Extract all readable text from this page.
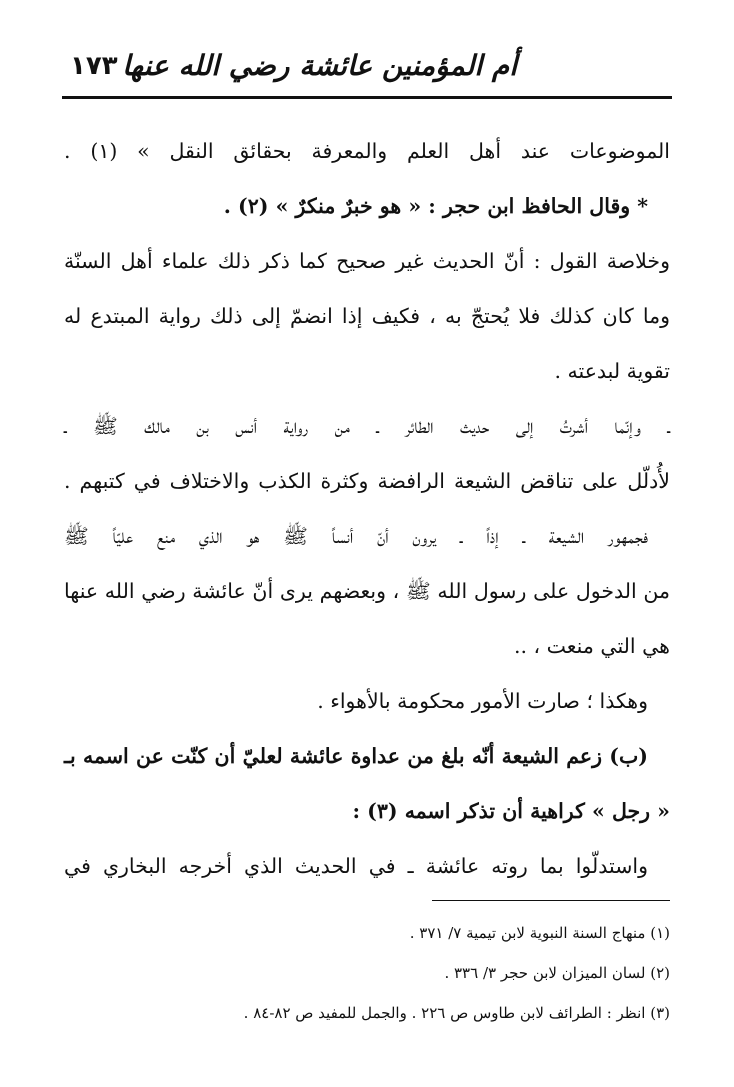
أم المؤمنين عائشة رضي الله عنها
١٧٣
الموضوعات عند أهل العلم والمعرفة بحقائق النقل » (١) .
* وقال الحافظ ابن حجر : « هو خبرٌ منكرٌ » (٢) .
وخلاصة القول : أنّ الحديث غير صحيح كما ذكر ذلك علماء أهل السنّة
وما كان كذلك فلا يُحتجّ به ، فكيف إذا انضمّ إلى ذلك رواية المبتدع له
تقوية لبدعته .
ـ وإنّما أشرتُ إلى حديث الطائر ـ من رواية أنس بن مالك ﷺ ـ
لأُدلّل على تناقض الشيعة الرافضة وكثرة الكذب والاختلاف في كتبهم .
فجمهور الشيعة ـ إذاً ـ يرون أنّ أنساً ﷺ هو الذي منع عليّاً ﷺ
من الدخول على رسول الله ﷺ ، وبعضهم يرى أنّ عائشة رضي الله عنها
هي التي منعت ، ..
وهكذا ؛ صارت الأمور محكومة بالأهواء .
(ب) زعم الشيعة أنّه بلغ من عداوة عائشة لعليّ أن كنّت عن اسمه بـ
« رجل » كراهية أن تذكر اسمه (٣) :
واستدلّوا بما روته عائشة ـ في الحديث الذي أخرجه البخاري في
(١) منهاج السنة النبوية لابن تيمية ٧/ ٣٧١ .
(٢) لسان الميزان لابن حجر ٣/ ٣٣٦ .
(٣) انظر : الطرائف لابن طاوس ص ٢٢٦ . والجمل للمفيد ص ٨٢-٨٤ .
